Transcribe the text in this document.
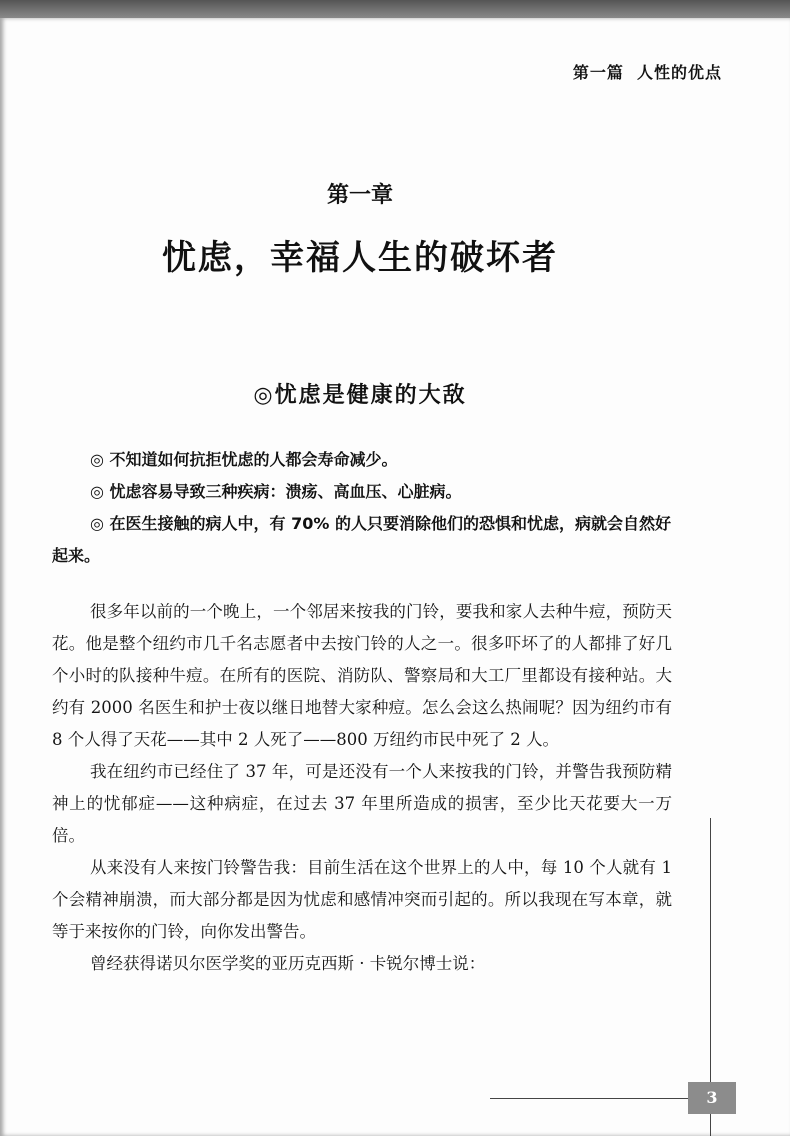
第一篇  人性的优点
第一章
忧虑，幸福人生的破坏者
◎忧虑是健康的大敌

◎ 不知道如何抗拒忧虑的人都会寿命减少。

◎ 忧虑容易导致三种疾病：溃疡、高血压、心脏病。

◎ 在医生接触的病人中，有 70% 的人只要消除他们的恐惧和忧虑，病就会自然好起来。

很多年以前的一个晚上，一个邻居来按我的门铃，要我和家人去种牛痘，预防天花。他是整个纽约市几千名志愿者中去按门铃的人之一。很多吓坏了的人都排了好几个小时的队接种牛痘。在所有的医院、消防队、警察局和大工厂里都设有接种站。大约有 2000 名医生和护士夜以继日地替大家种痘。怎么会这么热闹呢？因为纽约市有 8 个人得了天花——其中 2 人死了——800 万纽约市民中死了 2 人。

我在纽约市已经住了 37 年，可是还没有一个人来按我的门铃，并警告我预防精神上的忧郁症——这种病症，在过去 37 年里所造成的损害，至少比天花要大一万倍。

从来没有人来按门铃警告我：目前生活在这个世界上的人中，每 10 个人就有 1 个会精神崩溃，而大部分都是因为忧虑和感情冲突而引起的。所以我现在写本章，就等于来按你的门铃，向你发出警告。

曾经获得诺贝尔医学奖的亚历克西斯 · 卡锐尔博士说：

3
